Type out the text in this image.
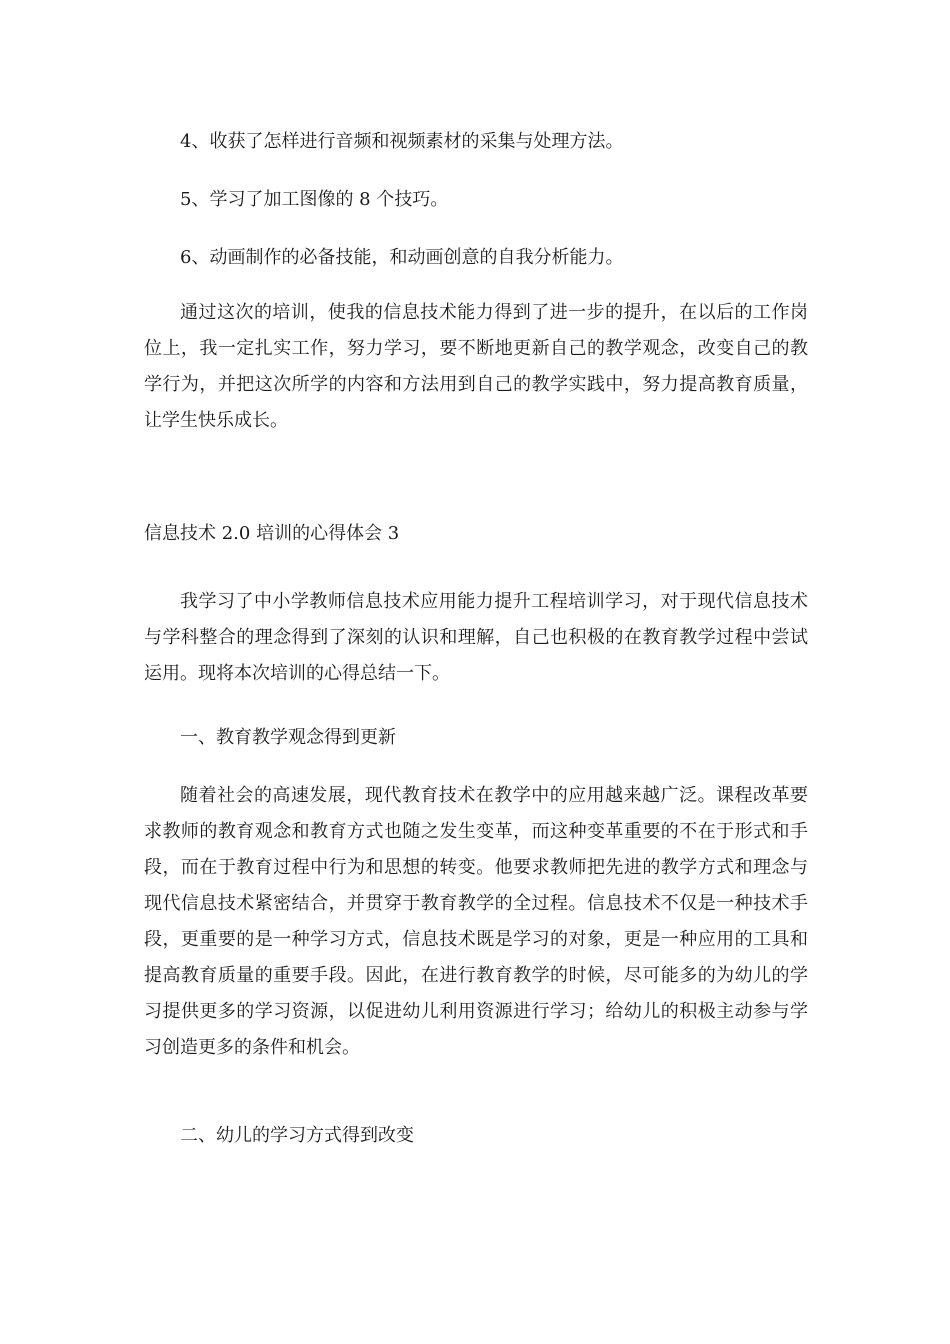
4、收获了怎样进行音频和视频素材的采集与处理方法。

5、学习了加工图像的 8 个技巧。

6、动画制作的必备技能，和动画创意的自我分析能力。

通过这次的培训，使我的信息技术能力得到了进一步的提升，在以后的工作岗位上，我一定扎实工作，努力学习，要不断地更新自己的教学观念，改变自己的教学行为，并把这次所学的内容和方法用到自己的教学实践中，努力提高教育质量，让学生快乐成长。

信息技术 2.0 培训的心得体会 3

我学习了中小学教师信息技术应用能力提升工程培训学习，对于现代信息技术与学科整合的理念得到了深刻的认识和理解，自己也积极的在教育教学过程中尝试运用。现将本次培训的心得总结一下。

一、教育教学观念得到更新

随着社会的高速发展，现代教育技术在教学中的应用越来越广泛。课程改革要求教师的教育观念和教育方式也随之发生变革，而这种变革重要的不在于形式和手段，而在于教育过程中行为和思想的转变。他要求教师把先进的教学方式和理念与现代信息技术紧密结合，并贯穿于教育教学的全过程。信息技术不仅是一种技术手段，更重要的是一种学习方式，信息技术既是学习的对象，更是一种应用的工具和提高教育质量的重要手段。因此，在进行教育教学的时候，尽可能多的为幼儿的学习提供更多的学习资源，以促进幼儿利用资源进行学习；给幼儿的积极主动参与学习创造更多的条件和机会。

二、幼儿的学习方式得到改变
